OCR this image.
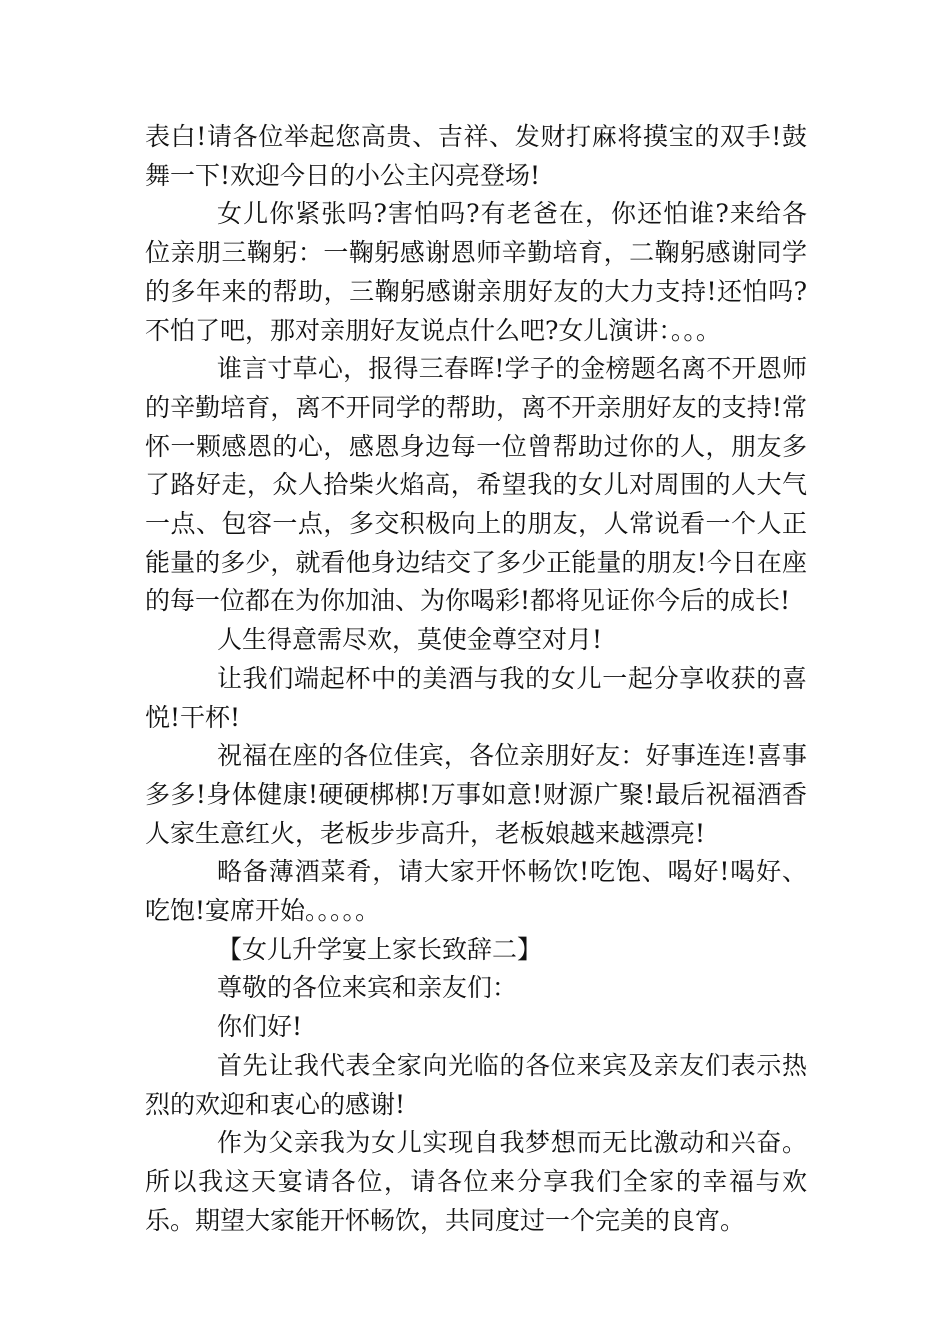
表白!请各位举起您高贵、吉祥、发财打麻将摸宝的双手!鼓舞一下!欢迎今日的小公主闪亮登场!

女儿你紧张吗?害怕吗?有老爸在，你还怕谁?来给各位亲朋三鞠躬：一鞠躬感谢恩师辛勤培育，二鞠躬感谢同学的多年来的帮助，三鞠躬感谢亲朋好友的大力支持!还怕吗?不怕了吧，那对亲朋好友说点什么吧?女儿演讲：。。。

谁言寸草心，报得三春晖!学子的金榜题名离不开恩师的辛勤培育，离不开同学的帮助，离不开亲朋好友的支持!常怀一颗感恩的心，感恩身边每一位曾帮助过你的人，朋友多了路好走，众人拾柴火焰高，希望我的女儿对周围的人大气一点、包容一点，多交积极向上的朋友，人常说看一个人正能量的多少，就看他身边结交了多少正能量的朋友!今日在座的每一位都在为你加油、为你喝彩!都将见证你今后的成长!

人生得意需尽欢，莫使金尊空对月!

让我们端起杯中的美酒与我的女儿一起分享收获的喜悦!干杯!

祝福在座的各位佳宾，各位亲朋好友：好事连连!喜事多多!身体健康!硬硬梆梆!万事如意!财源广聚!最后祝福酒香人家生意红火，老板步步高升，老板娘越来越漂亮!

略备薄酒菜肴，请大家开怀畅饮!吃饱、喝好!喝好、吃饱!宴席开始。。。。。

【女儿升学宴上家长致辞二】

尊敬的各位来宾和亲友们：

你们好!

首先让我代表全家向光临的各位来宾及亲友们表示热烈的欢迎和衷心的感谢!

作为父亲我为女儿实现自我梦想而无比激动和兴奋。所以我这天宴请各位，请各位来分享我们全家的幸福与欢乐。期望大家能开怀畅饮，共同度过一个完美的良宵。
